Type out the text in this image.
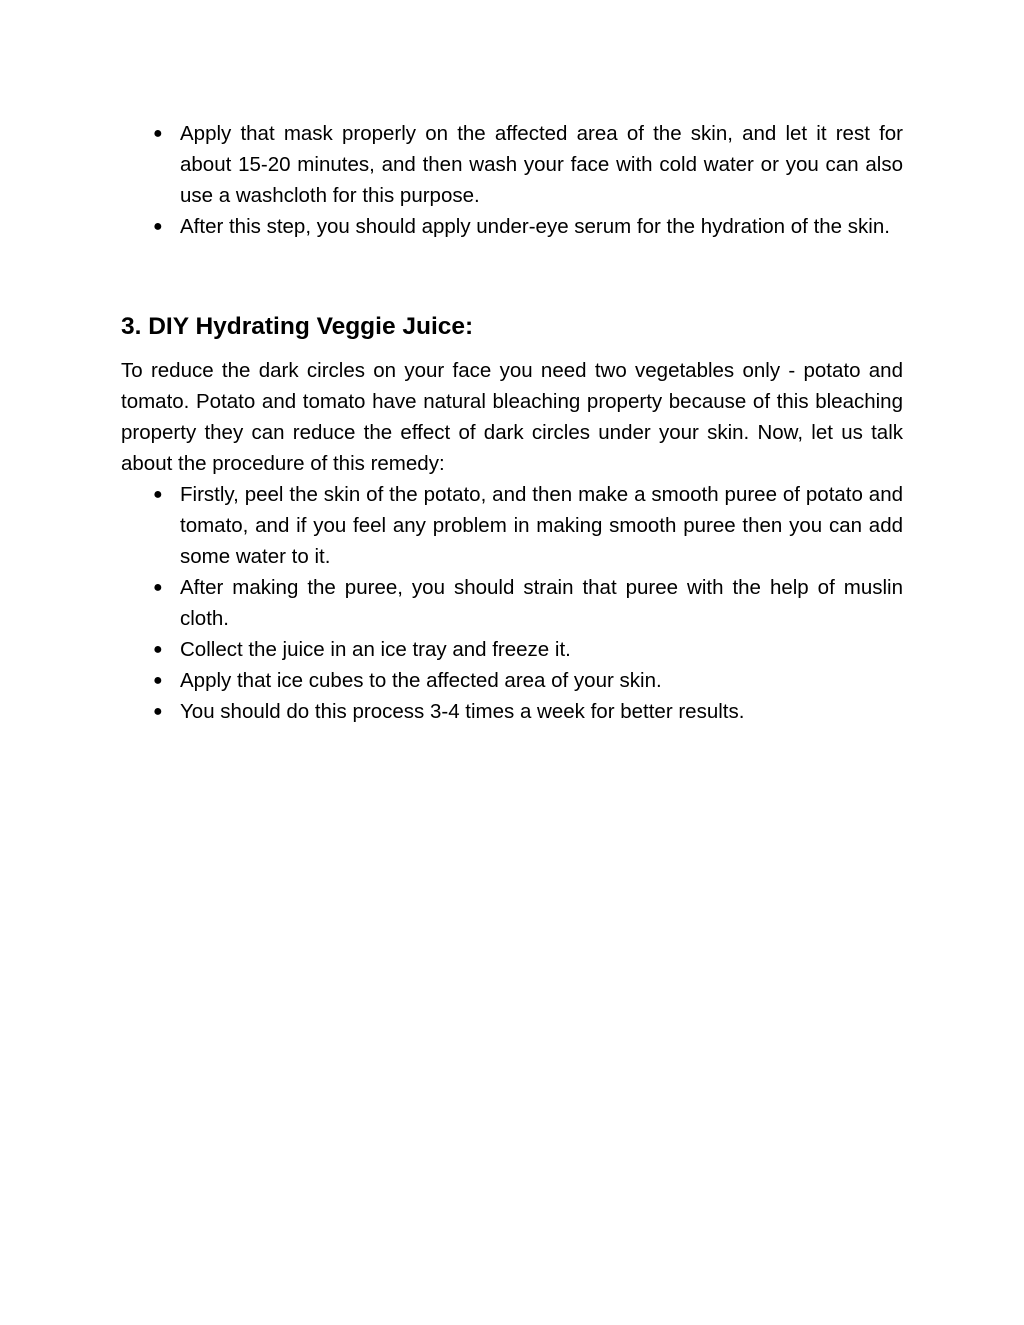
● Apply that mask properly on the affected area of the skin, and let it rest for about 15-20 minutes, and then wash your face with cold water or you can also use a washcloth for this purpose.
● After this step, you should apply under-eye serum for the hydration of the skin.
3. DIY Hydrating Veggie Juice:

To reduce the dark circles on your face you need two vegetables only - potato and tomato. Potato and tomato have natural bleaching property because of this bleaching property they can reduce the effect of dark circles under your skin. Now, let us talk about the procedure of this remedy:

● Firstly, peel the skin of the potato, and then make a smooth puree of potato and tomato, and if you feel any problem in making smooth puree then you can add some water to it.
● After making the puree, you should strain that puree with the help of muslin cloth.
● Collect the juice in an ice tray and freeze it.
● Apply that ice cubes to the affected area of your skin.
● You should do this process 3-4 times a week for better results.
